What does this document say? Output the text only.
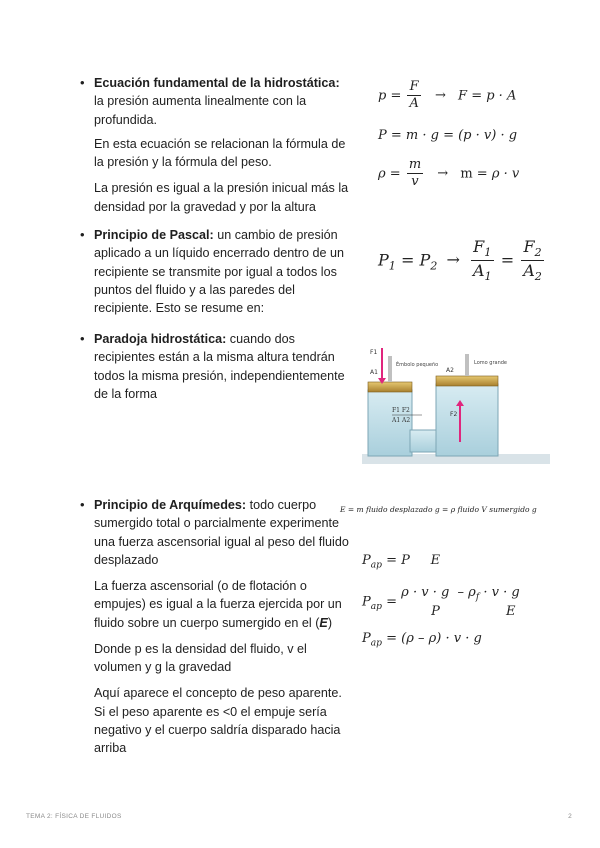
• Ecuación fundamental de la hidrostática: la presión aumenta linealmente con la profundida.

En esta ecuación se relacionan la fórmula de la presión y la fórmula del peso.

La presión es igual a la presión inicual más la densidad por la gravedad y por la altura

$p = \frac{F}{A} \to F = p \cdot A$
P = m · g = (p · v) · g
$\rho = \frac{m}{v} \to m = \rho \cdot v$
• Principio de Pascal: un cambio de presión aplicado a un líquido encerrado dentro de un recipiente se transmite por igual a todos los puntos del fluido y a las paredes del recipiente. Esto se resume en:

$P_1 = P_2 \to \frac{F_1}{A_1} = \frac{F_2}{A_2}$
• Paradoja hidrostática: cuando dos recipientes están a la misma altura tendrán todos la misma presión, independientemente de la forma

F1
Émbolo pequeño
A1
Lomo grande
A2
F2
F1 F2
A1 A2
• Principio de Arquímedes: todo cuerpo sumergido total o parcialmente experimente una fuerza ascensorial igual al peso del fluido desplazado

La fuerza ascensorial (o de flotación o empujes) es igual a la fuerza ejercida por un fluido sobre un cuerpo sumergido en el (E)

Donde p es la densidad del fluido, v el volumen y g la gravedad

Aquí aparece el concepto de peso aparente. Si el peso aparente es <0 el empuje sería negativo y el cuerpo saldría disparado hacia arriba

E = m fluido desplazado g = ρ fluido V sumergido g
$P_{ap} = P$     E
$P_{ap}$ =
$\rho \cdot v \cdot g - \rho_f \cdot v \cdot g$
P                E
$P_{ap} = (\rho - \rho) \cdot v \cdot g$
TEMA 2: FÍSICA DE FLUIDOS	2
